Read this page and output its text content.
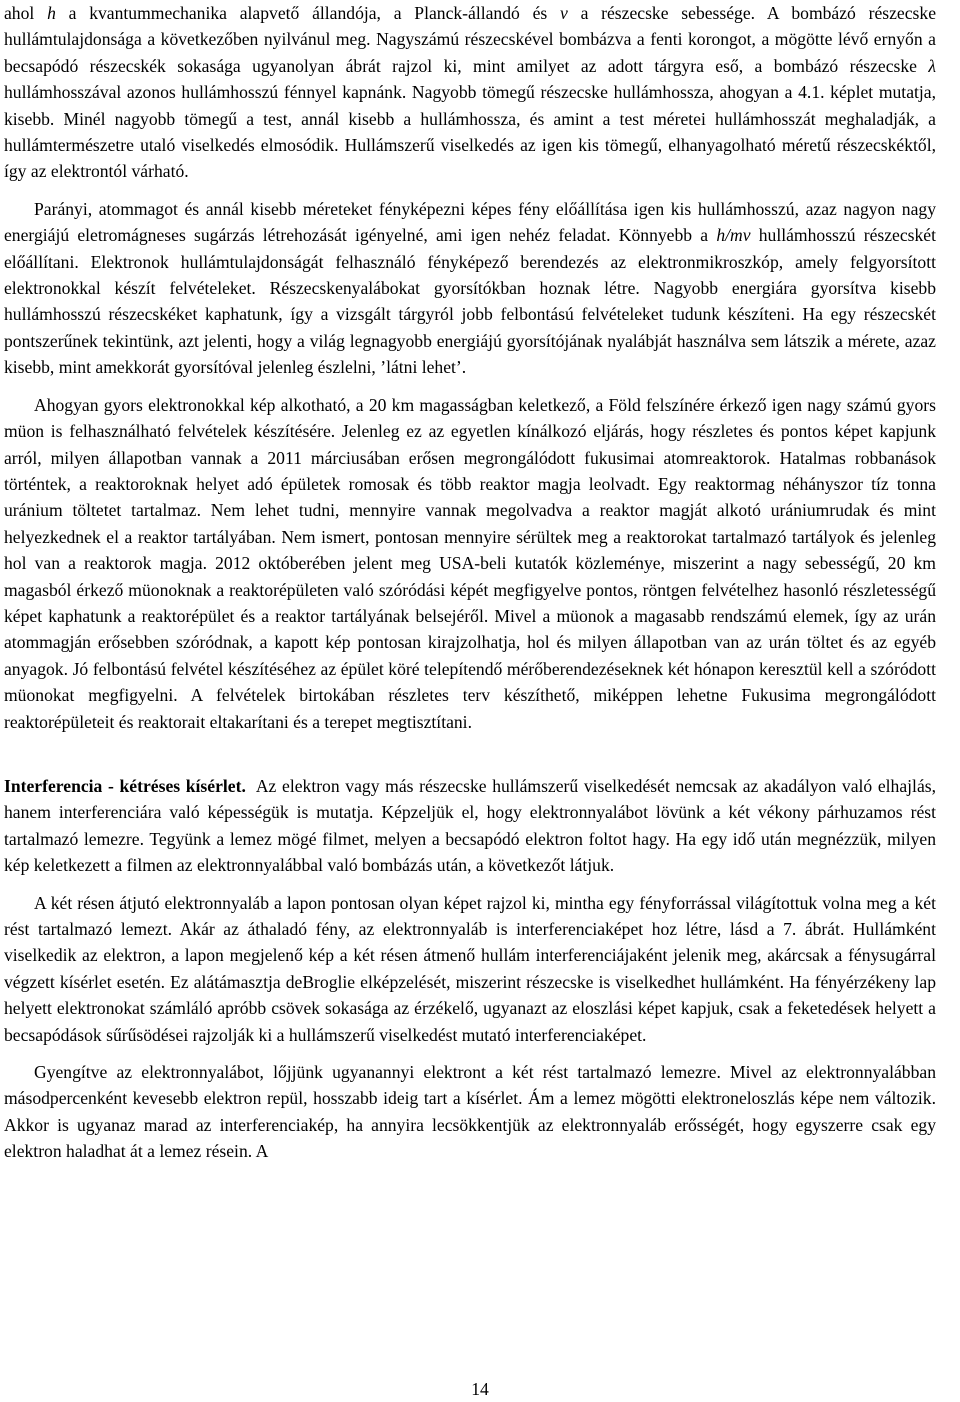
ahol h a kvantummechanika alapvető állandója, a Planck-állandó és v a részecske sebessége. A bombázó részecske hullámtulajdonsága a következőben nyilvánul meg. Nagyszámú részecskével bombázva a fenti korongot, a mögötte lévő ernyőn a becsapódó részecskék sokasága ugyanolyan ábrát rajzol ki, mint amilyet az adott tárgyra eső, a bombázó részecske λ hullámhosszával azonos hullámhosszú fénnyel kapnánk. Nagyobb tömegű részecske hullámhossza, ahogyan a 4.1. képlet mutatja, kisebb. Minél nagyobb tömegű a test, annál kisebb a hullámhossza, és amint a test méretei hullámhosszát meghaladják, a hullámtermészetre utaló viselkedés elmosódik. Hullámszerű viselkedés az igen kis tömegű, elhanyagolható méretű részecskéktől, így az elektrontól várható.

Parányi, atommagot és annál kisebb méreteket fényképezni képes fény előállítása igen kis hullámhosszú, azaz nagyon nagy energiájú eletromágneses sugárzás létrehozását igényelné, ami igen nehéz feladat. Könnyebb a h/mv hullámhosszú részecskét előállítani. Elektronok hullámtulajdonságát felhasználó fényképező berendezés az elektronmikroszkóp, amely felgyorsított elektronokkal készít felvételeket. Részecskenyalábokat gyorsítókban hoznak létre. Nagyobb energiára gyorsítva kisebb hullámhosszú részecskéket kaphatunk, így a vizsgált tárgyról jobb felbontású felvételeket tudunk készíteni. Ha egy részecskét pontszerűnek tekintünk, azt jelenti, hogy a világ legnagyobb energiájú gyorsítójának nyalábját használva sem látszik a mérete, azaz kisebb, mint amekkorát gyorsítóval jelenleg észlelni, ’látni lehet’.

Ahogyan gyors elektronokkal kép alkotható, a 20 km magasságban keletkező, a Föld felszínére érkező igen nagy számú gyors müon is felhasználható felvételek készítésére. Jelenleg ez az egyetlen kínálkozó eljárás, hogy részletes és pontos képet kapjunk arról, milyen állapotban vannak a 2011 márciusában erősen megrongálódott fukusimai atomreaktorok. Hatalmas robbanások történtek, a reaktoroknak helyet adó épületek romosak és több reaktor magja leolvadt. Egy reaktormag néhányszor tíz tonna uránium töltetet tartalmaz. Nem lehet tudni, mennyire vannak megolvadva a reaktor magját alkotó urániumrudak és mint helyezkednek el a reaktor tartályában. Nem ismert, pontosan mennyire sérültek meg a reaktorokat tartalmazó tartályok és jelenleg hol van a reaktorok magja. 2012 októberében jelent meg USA-beli kutatók közleménye, miszerint a nagy sebességű, 20 km magasból érkező müonoknak a reaktorépületen való szóródási képét megfigyelve pontos, röntgen felvételhez hasonló részletességű képet kaphatunk a reaktorépület és a reaktor tartályának belsejéről. Mivel a müonok a magasabb rendszámú elemek, így az urán atommagján erősebben szóródnak, a kapott kép pontosan kirajzolhatja, hol és milyen állapotban van az urán töltet és az egyéb anyagok. Jó felbontású felvétel készítéséhez az épület köré telepítendő mérőberendezéseknek két hónapon keresztül kell a szóródott müonokat megfigyelni. A felvételek birtokában részletes terv készíthető, miképpen lehetne Fukusima megrongálódott reaktorépületeit és reaktorait eltakarítani és a terepet megtisztítani.

Interferencia - kétréses kísérlet. Az elektron vagy más részecske hullámszerű viselkedését nemcsak az akadályon való elhajlás, hanem interferenciára való képességük is mutatja. Képzeljük el, hogy elektronnyalábot lövünk a két vékony párhuzamos rést tartalmazó lemezre. Tegyünk a lemez mögé filmet, melyen a becsapódó elektron foltot hagy. Ha egy idő után megnézzük, milyen kép keletkezett a filmen az elektronnyalábbal való bombázás után, a következőt látjuk.

A két résen átjutó elektronnyaláb a lapon pontosan olyan képet rajzol ki, mintha egy fényforrással világítottuk volna meg a két rést tartalmazó lemezt. Akár az áthaladó fény, az elektronnyaláb is interferenciaképet hoz létre, lásd a 7. ábrát. Hullámként viselkedik az elektron, a lapon megjelenő kép a két résen átmenő hullám interferenciájaként jelenik meg, akárcsak a fénysugárral végzett kísérlet esetén. Ez alátámasztja deBroglie elképzelését, miszerint részecske is viselkedhet hullámként. Ha fényérzékeny lap helyett elektronokat számláló apróbb csövek sokasága az érzékelő, ugyanazt az eloszlási képet kapjuk, csak a feketedések helyett a becsapódások sűrűsödései rajzolják ki a hullámszerű viselkedést mutató interferenciaképet.

Gyengítve az elektronnyalábot, lőjjünk ugyanannyi elektront a két rést tartalmazó lemezre. Mivel az elektronnyalábban másodpercenként kevesebb elektron repül, hosszabb ideig tart a kísérlet. Ám a lemez mögötti elektroneloszlás képe nem változik. Akkor is ugyanaz marad az interferenciakép, ha annyira lecsökkentjük az elektronnyaláb erősségét, hogy egyszerre csak egy elektron haladhat át a lemez résein. A

14
